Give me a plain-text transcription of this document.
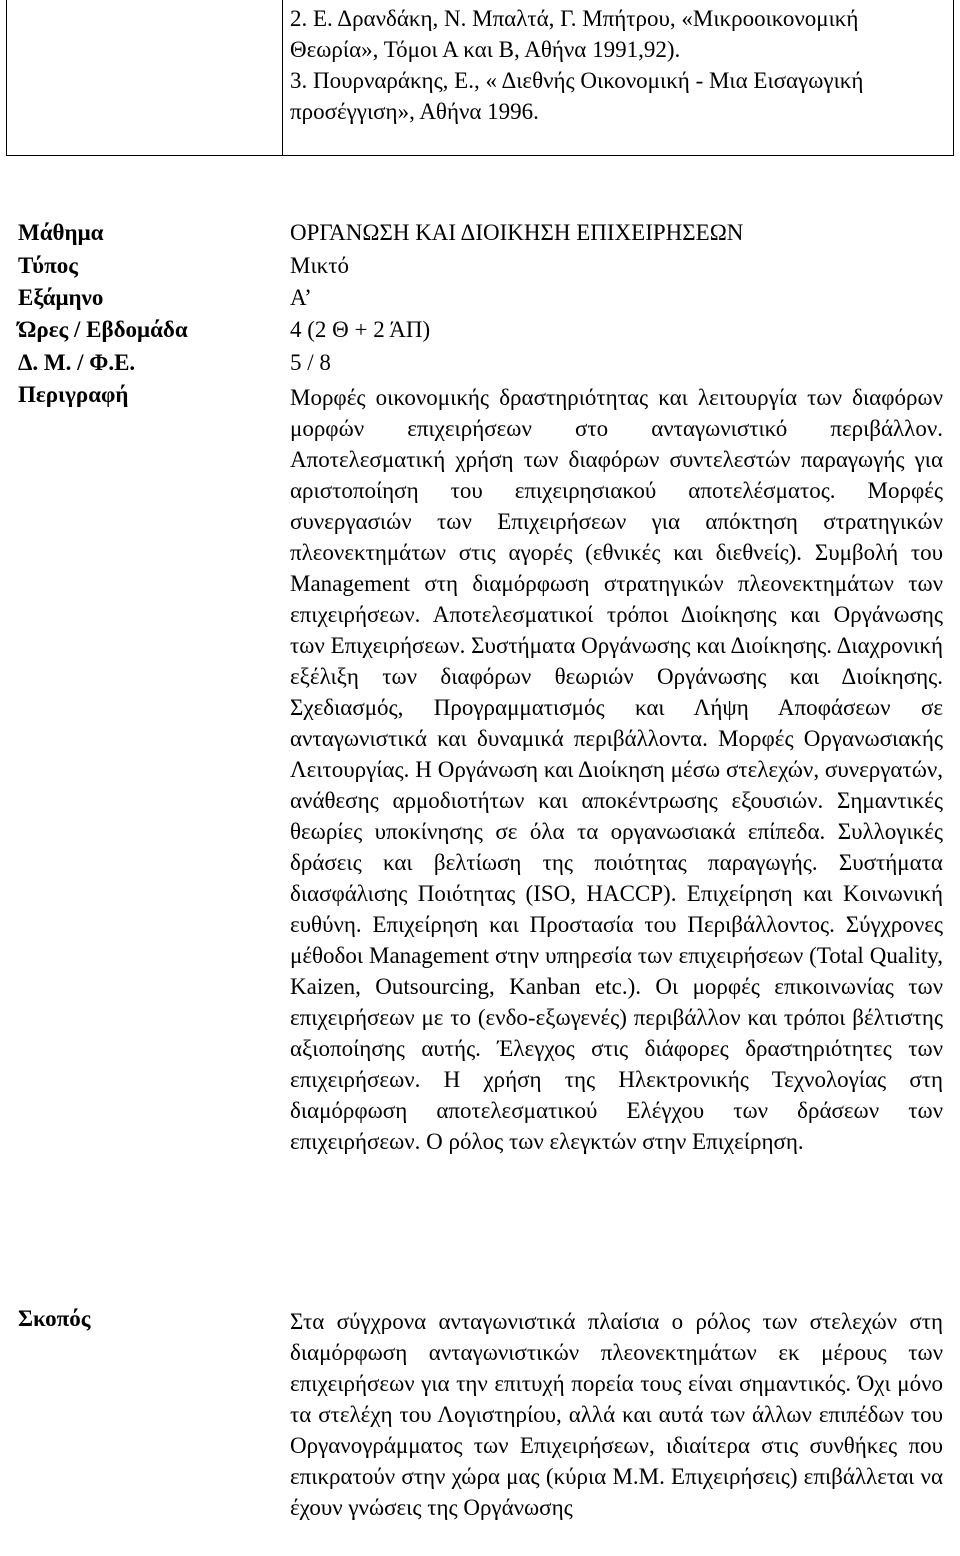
2. Ε. Δρανδάκη, Ν. Μπαλτά, Γ. Μπήτρου, «Μικροοικονομική Θεωρία», Τόμοι Α και Β, Αθήνα 1991,92).
3. Πουρναράκης, Ε., « Διεθνής Οικονομική - Μια Εισαγωγική προσέγγιση», Αθήνα 1996.
Μάθημα	ΟΡΓΑΝΩΣΗ ΚΑΙ ΔΙΟΙΚΗΣΗ ΕΠΙΧΕΙΡΗΣΕΩΝ
Τύπος	Μικτό
Εξάμηνο	Α’
Ώρες / Εβδομάδα	4 (2 Θ + 2 ΆΠ)
Δ. Μ. / Φ.Ε.	5 / 8
Περιγραφή	Μορφές οικονομικής δραστηριότητας και λειτουργία των διαφόρων μορφών επιχειρήσεων στο ανταγωνιστικό περιβάλλον. Αποτελεσματική χρήση των διαφόρων συντελεστών παραγωγής για αριστοποίηση του επιχειρησιακού αποτελέσματος. Μορφές συνεργασιών των Επιχειρήσεων για απόκτηση στρατηγικών πλεονεκτημάτων στις αγορές (εθνικές και διεθνείς). Συμβολή του Management στη διαμόρφωση στρατηγικών πλεονεκτημάτων των επιχειρήσεων. Αποτελεσματικοί τρόποι Διοίκησης και Οργάνωσης των Επιχειρήσεων. Συστήματα Οργάνωσης και Διοίκησης. Διαχρονική εξέλιξη των διαφόρων θεωριών Οργάνωσης και Διοίκησης. Σχεδιασμός, Προγραμματισμός και Λήψη Αποφάσεων σε ανταγωνιστικά και δυναμικά περιβάλλοντα. Μορφές Οργανωσιακής Λειτουργίας. Η Οργάνωση και Διοίκηση μέσω στελεχών, συνεργατών, ανάθεσης αρμοδιοτήτων και αποκέντρωσης εξουσιών. Σημαντικές θεωρίες υποκίνησης σε όλα τα οργανωσιακά επίπεδα. Συλλογικές δράσεις και βελτίωση της ποιότητας παραγωγής. Συστήματα διασφάλισης Ποιότητας (ISO, HACCP). Επιχείρηση και Κοινωνική ευθύνη. Επιχείρηση και Προστασία του Περιβάλλοντος. Σύγχρονες μέθοδοι Management στην υπηρεσία των επιχειρήσεων (Total Quality, Kaizen, Outsourcing, Kanban etc.). Οι μορφές επικοινωνίας των επιχειρήσεων με το (ενδο-εξωγενές) περιβάλλον και τρόποι βέλτιστης αξιοποίησης αυτής. Έλεγχος στις διάφορες δραστηριότητες των επιχειρήσεων. Η χρήση της Ηλεκτρονικής Τεχνολογίας στη διαμόρφωση αποτελεσματικού Ελέγχου των δράσεων των επιχειρήσεων. Ο ρόλος των ελεγκτών στην Επιχείρηση.

Σκοπός	Στα σύγχρονα ανταγωνιστικά πλαίσια ο ρόλος των στελεχών στη διαμόρφωση ανταγωνιστικών πλεονεκτημάτων εκ μέρους των επιχειρήσεων για την επιτυχή πορεία τους είναι σημαντικός. Όχι μόνο τα στελέχη του Λογιστηρίου, αλλά και αυτά των άλλων επιπέδων του Οργανογράμματος των Επιχειρήσεων, ιδιαίτερα στις συνθήκες που επικρατούν στην χώρα μας (κύρια Μ.Μ. Επιχειρήσεις) επιβάλλεται να έχουν γνώσεις της Οργάνωσης
